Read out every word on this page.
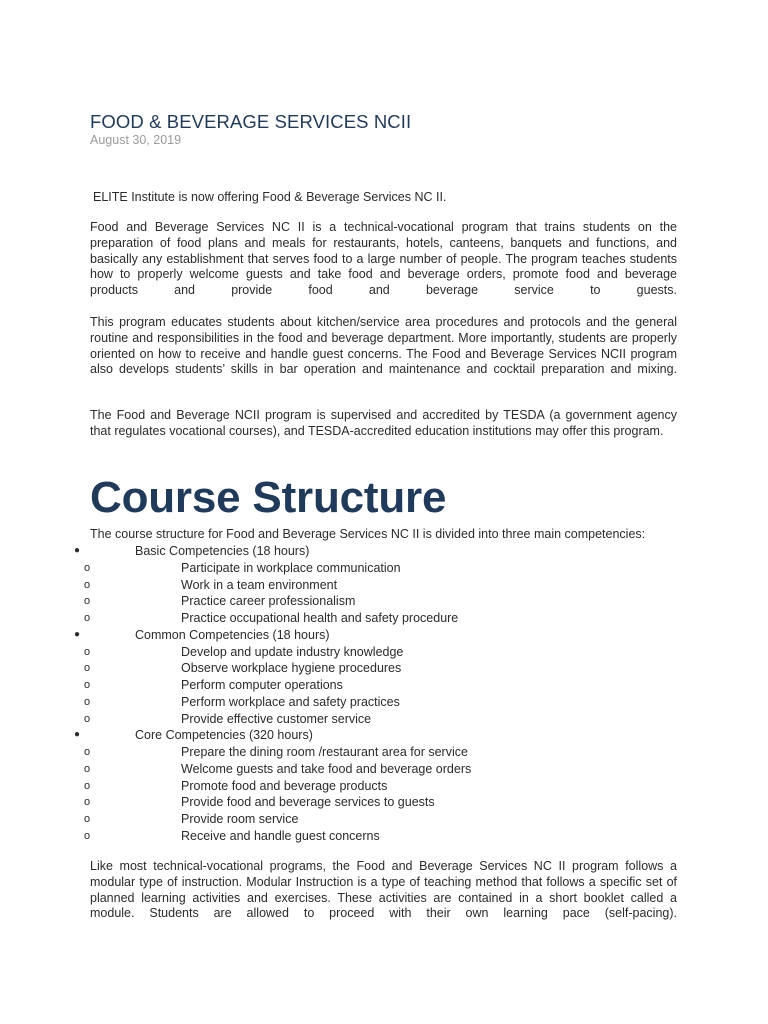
FOOD & BEVERAGE SERVICES NCII
August 30, 2019
ELITE Institute is now offering Food & Beverage Services NC II.
Food and Beverage Services NC II is a technical-vocational program that trains students on the preparation of food plans and meals for restaurants, hotels, canteens, banquets and functions, and basically any establishment that serves food to a large number of people. The program teaches students how to properly welcome guests and take food and beverage orders, promote food and beverage products and provide food and beverage service to guests.
This program educates students about kitchen/service area procedures and protocols and the general routine and responsibilities in the food and beverage department. More importantly, students are properly oriented on how to receive and handle guest concerns. The Food and Beverage Services NCII program also develops students’ skills in bar operation and maintenance and cocktail preparation and mixing.
The Food and Beverage NCII program is supervised and accredited by TESDA (a government agency that regulates vocational courses), and TESDA-accredited education institutions may offer this program.
Course Structure
The course structure for Food and Beverage Services NC II is divided into three main competencies:
●	Basic Competencies (18 hours)
o	Participate in workplace communication
o	Work in a team environment
o	Practice career professionalism
o	Practice occupational health and safety procedure
●	Common Competencies (18 hours)
o	Develop and update industry knowledge
o	Observe workplace hygiene procedures
o	Perform computer operations
o	Perform workplace and safety practices
o	Provide effective customer service
●	Core Competencies (320 hours)
o	Prepare the dining room /restaurant area for service
o	Welcome guests and take food and beverage orders
o	Promote food and beverage products
o	Provide food and beverage services to guests
o	Provide room service
o	Receive and handle guest concerns
Like most technical-vocational programs, the Food and Beverage Services NC II program follows a modular type of instruction. Modular Instruction is a type of teaching method that follows a specific set of planned learning activities and exercises. These activities are contained in a short booklet called a module. Students are allowed to proceed with their own learning pace (self-pacing).
